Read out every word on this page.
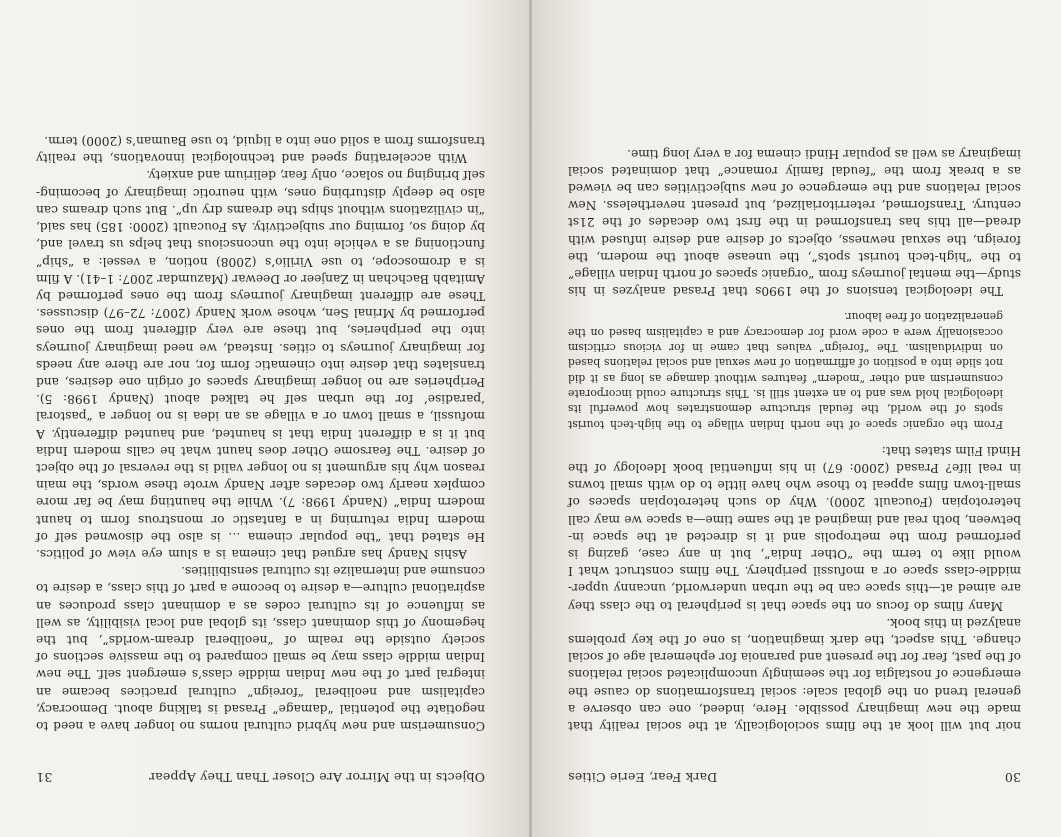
30
Dark Fear, Eerie Cities

noir but will look at the films sociologically, at the social reality that made the new imaginary possible. Here, indeed, one can observe a general trend on the global scale: social transformations do cause the emergence of nostalgia for the seemingly uncomplicated social relations of the past, fear for the present and paranoia for ephemeral age of social change. This aspect, the dark imagination, is one of the key problems analyzed in this book.

Many films do focus on the space that is peripheral to the class they are aimed at—this space can be the urban underworld, uncanny upper-middle-class space or a mofussil periphery. The films construct what I would like to term the “Other India”, but in any case, gazing is performed from the metropolis and it is directed at the space in-between, both real and imagined at the same time—a space we may call heterotopian (Foucault 2000). Why do such heterotopian spaces of small-town films appeal to those who have little to do with small towns in real life? Prasad (2000: 67) in his influential book Ideology of the Hindi Film states that:

From the organic space of the north Indian village to the high-tech tourist spots of the world, the feudal structure demonstrates how powerful its ideological hold was and to an extent still is. This structure could incorporate consumerism and other “modern” features without damage as long as it did not slide into a position of affirmation of new sexual and social relations based on individualism. The “foreign” values that came in for vicious criticism occasionally were a code word for democracy and a capitalism based on the generalization of free labour.

The ideological tensions of the 1990s that Prasad analyzes in his study—the mental journeys from “organic spaces of north Indian village” to the “high-tech tourist spots”, the unease about the modern, the foreign, the sexual newness, objects of desire and desire infused with dread—all this has transformed in the first two decades of the 21st century. Transformed, reterritorialized, but present nevertheless. New social relations and the emergence of new subjectivities can be viewed as a break from the “feudal family romance” that dominated social imaginary as well as popular Hindi cinema for a very long time.

Objects in the Mirror Are Closer Than They Appear
31

Consumerism and new hybrid cultural norms no longer have a need to negotiate the potential “damage” Prasad is talking about. Democracy, capitalism and neoliberal “foreign” cultural practices became an integral part of the new Indian middle class’s emergent self. The new Indian middle class may be small compared to the massive sections of society outside the realm of “neoliberal dream-worlds”, but the hegemony of this dominant class, its global and local visibility, as well as influence of its cultural codes as a dominant class produces an aspirational culture—a desire to become a part of this class, a desire to consume and internalize its cultural sensibilities.

Ashis Nandy has argued that cinema is a slum eye view of politics. He stated that “the popular cinema … is also the disowned self of modern India returning in a fantastic or monstrous form to haunt modern India” (Nandy 1998: 7). While the haunting may be far more complex nearly two decades after Nandy wrote these words, the main reason why his argument is no longer valid is the reversal of the object of desire. The fearsome Other does haunt what he calls modern India but it is a different India that is haunted, and haunted differently. A mofussil, a small town or a village as an idea is no longer a “pastoral ‘paradise’ for the urban self he talked about (Nandy 1998: 5). Peripheries are no longer imaginary spaces of origin one desires, and translates that desire into cinematic form for, nor are there any needs for imaginary journeys to cities. Instead, we need imaginary journeys into the peripheries, but these are very different from the ones performed by Mrinal Sen, whose work Nandy (2007: 72–97) discusses. These are different imaginary journeys from the ones performed by Amitabh Bachchan in Zanjeer or Deewar (Mazumdar 2007: 1–41). A film is a dromoscope, to use Virilio’s (2008) notion, a vessel: a “ship” functioning as a vehicle into the unconscious that helps us travel and, by doing so, forming our subjectivity. As Foucault (2000: 185) has said, “in civilizations without ships the dreams dry up”. But such dreams can also be deeply disturbing ones, with neurotic imaginary of becoming-self bringing no solace, only fear, delirium and anxiety.

With accelerating speed and technological innovations, the reality transforms from a solid one into a liquid, to use Bauman’s (2000) term.
